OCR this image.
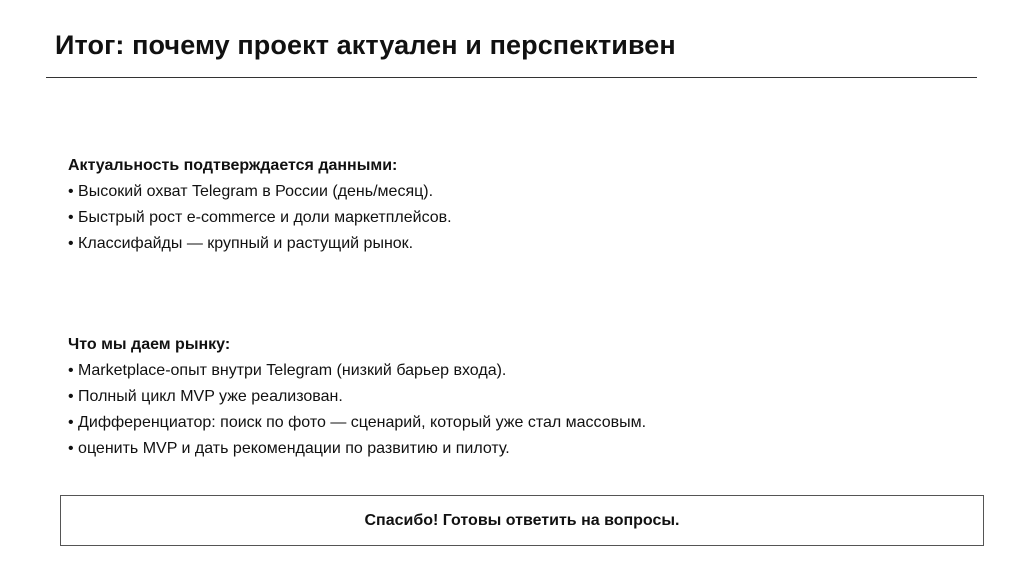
Итог: почему проект актуален и перспективен

Актуальность подтверждается данными:

• Высокий охват Telegram в России (день/месяц).
• Быстрый рост e-commerce и доли маркетплейсов.
• Классифайды — крупный и растущий рынок.

Что мы даем рынку:

• Marketplace-опыт внутри Telegram (низкий барьер входа).
• Полный цикл MVP уже реализован.
• Дифференциатор: поиск по фото — сценарий, который уже стал массовым.
• оценить MVP и дать рекомендации по развитию и пилоту.
Спасибо! Готовы ответить на вопросы.
